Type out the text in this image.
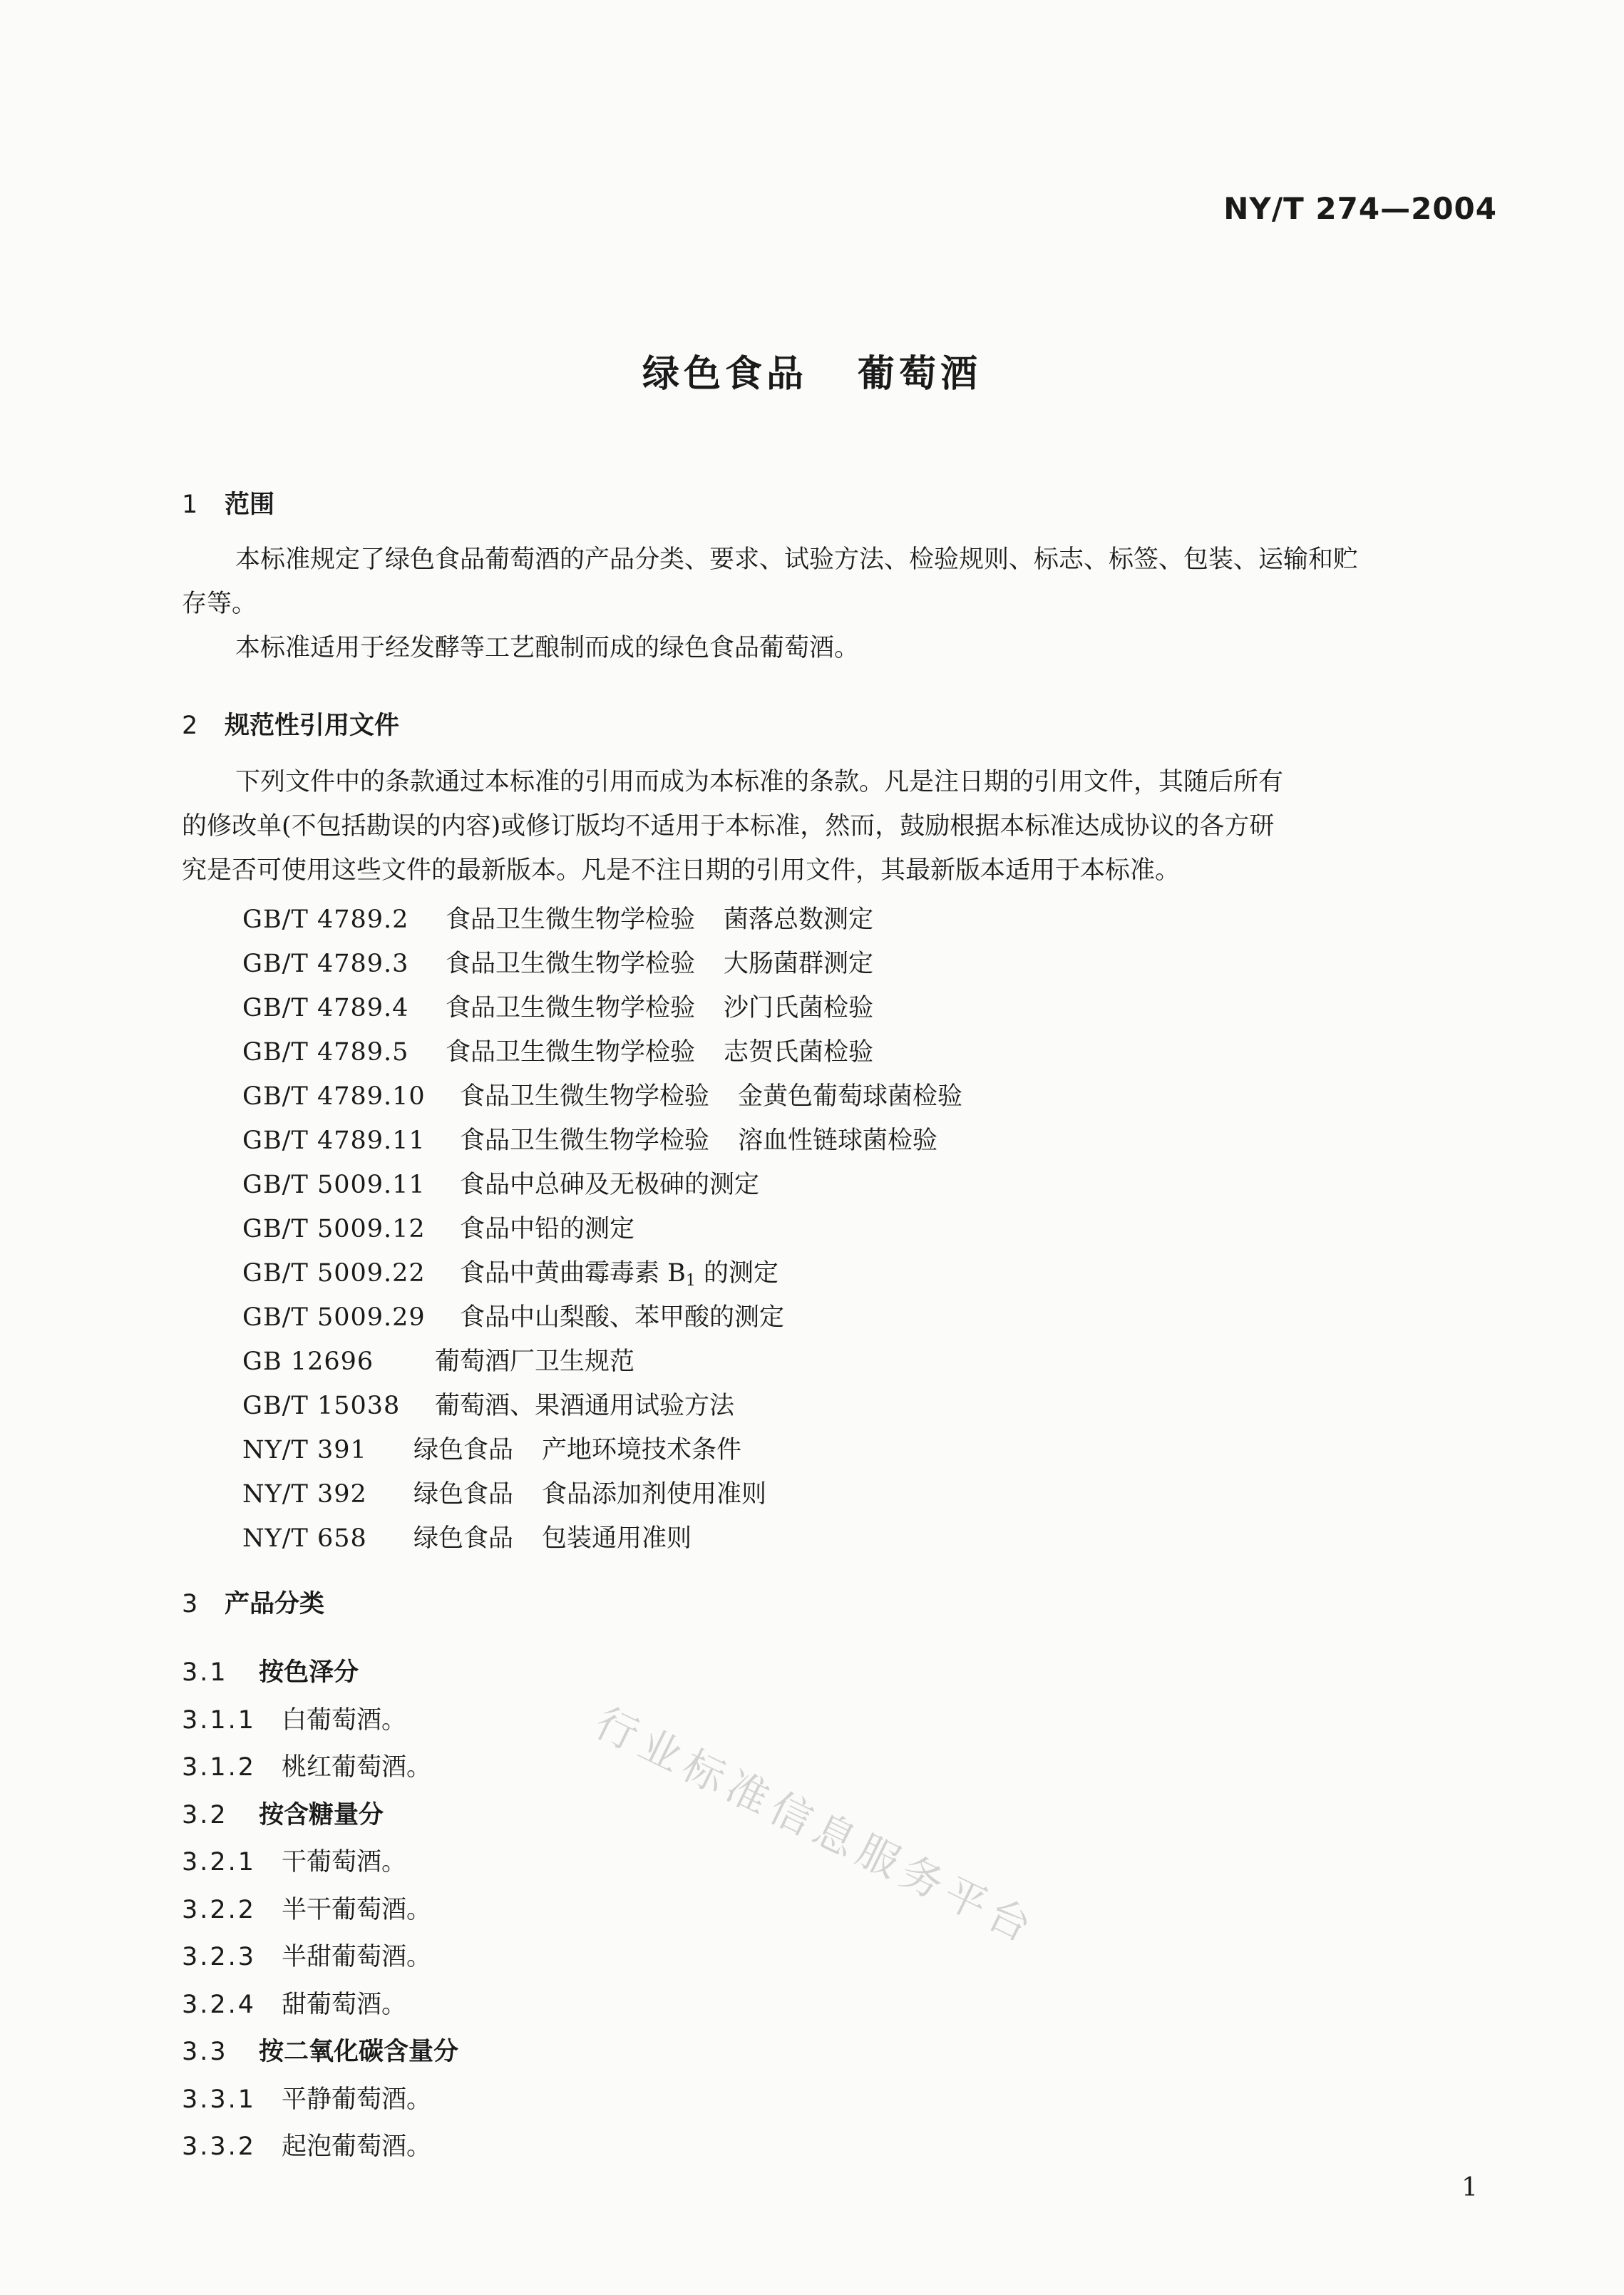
NY/T 274—2004
绿色食品 葡萄酒
1 范围
本标准规定了绿色食品葡萄酒的产品分类、要求、试验方法、检验规则、标志、标签、包装、运输和贮
存等。
本标准适用于经发酵等工艺酿制而成的绿色食品葡萄酒。
2 规范性引用文件
下列文件中的条款通过本标准的引用而成为本标准的条款。凡是注日期的引用文件，其随后所有
的修改单(不包括勘误的内容)或修订版均不适用于本标准，然而，鼓励根据本标准达成协议的各方研
究是否可使用这些文件的最新版本。凡是不注日期的引用文件，其最新版本适用于本标准。
GB/T 4789.2 食品卫生微生物学检验 菌落总数测定
GB/T 4789.3 食品卫生微生物学检验 大肠菌群测定
GB/T 4789.4 食品卫生微生物学检验 沙门氏菌检验
GB/T 4789.5 食品卫生微生物学检验 志贺氏菌检验
GB/T 4789.10 食品卫生微生物学检验 金黄色葡萄球菌检验
GB/T 4789.11 食品卫生微生物学检验 溶血性链球菌检验
GB/T 5009.11 食品中总砷及无极砷的测定
GB/T 5009.12 食品中铅的测定
GB/T 5009.22 食品中黄曲霉毒素 $B_1$ 的测定
GB/T 5009.29 食品中山梨酸、苯甲酸的测定
GB 12696 葡萄酒厂卫生规范
GB/T 15038 葡萄酒、果酒通用试验方法
NY/T 391 绿色食品 产地环境技术条件
NY/T 392 绿色食品 食品添加剂使用准则
NY/T 658 绿色食品 包装通用准则
3 产品分类
3.1 按色泽分
3.1.1 白葡萄酒。
3.1.2 桃红葡萄酒。
3.2 按含糖量分
3.2.1 干葡萄酒。
3.2.2 半干葡萄酒。
3.2.3 半甜葡萄酒。
3.2.4 甜葡萄酒。
3.3 按二氧化碳含量分
3.3.1 平静葡萄酒。
3.3.2 起泡葡萄酒。
行业标准信息服务平台
1
